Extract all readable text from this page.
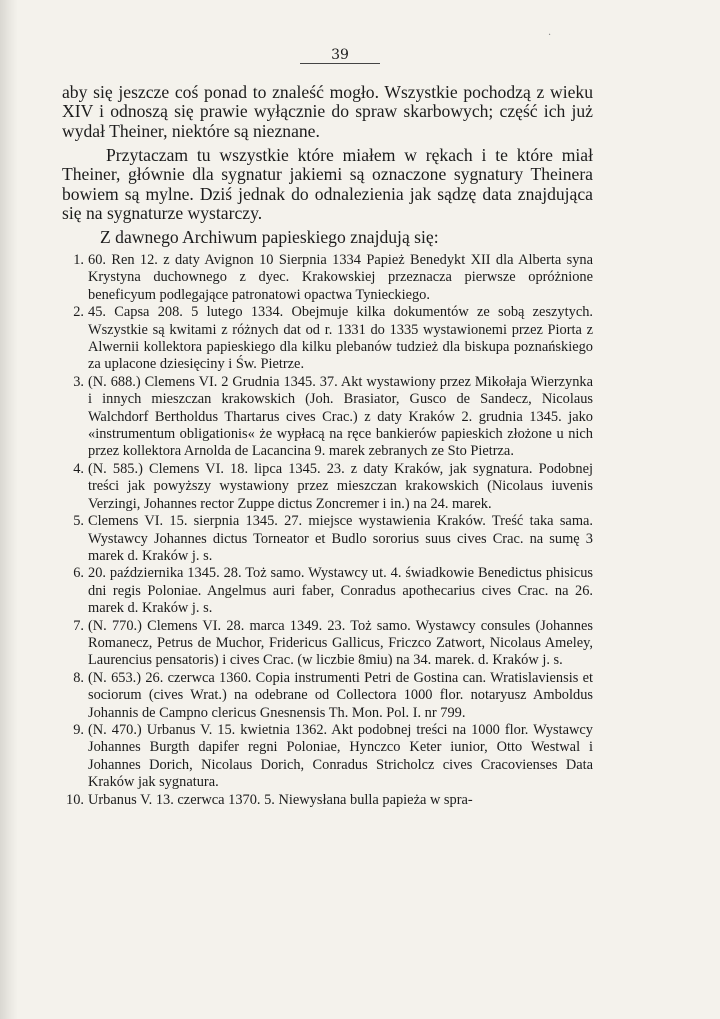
·
39

aby się jeszcze coś ponad to znaleść mogło. Wszystkie pochodzą z wieku XIV i odnoszą się prawie wyłącznie do spraw skarbowych; część ich już wydał Theiner, niektóre są nieznane.

Przytaczam tu wszystkie które miałem w rękach i te które miał Theiner, głównie dla sygnatur jakiemi są oznaczone sygnatury Theinera bowiem są mylne. Dziś jednak do odnalezienia jak sądzę data znajdująca się na sygnaturze wystarczy.

Z dawnego Archiwum papieskiego znajdują się:

1. 60. Ren 12. z daty Avignon 10 Sierpnia 1334 Papież Benedykt XII dla Alberta syna Krystyna duchownego z dyec. Krakowskiej przeznacza pierwsze opróżnione beneficyum podlegające patronatowi opactwa Tynieckiego.
2. 45. Capsa 208. 5 lutego 1334. Obejmuje kilka dokumentów ze sobą zeszytych. Wszystkie są kwitami z różnych dat od r. 1331 do 1335 wystawionemi przez Piorta z Alwernii kollektora papieskiego dla kilku plebanów tudzież dla biskupa poznańskiego za uplacone dziesięciny i Św. Pietrze.
3. (N. 688.) Clemens VI. 2 Grudnia 1345. 37. Akt wystawiony przez Mikołaja Wierzynka i innych mieszczan krakowskich (Joh. Brasiator, Gusco de Sandecz, Nicolaus Walchdorf Bertholdus Thartarus cives Crac.) z daty Kraków 2. grudnia 1345. jako «instrumentum obligationis« że wypłacą na ręce bankierów papieskich złożone u nich przez kollektora Arnolda de Lacancina 9. marek zebranych ze Sto Pietrza.
4. (N. 585.) Clemens VI. 18. lipca 1345. 23. z daty Kraków, jak sygnatura. Podobnej treści jak powyższy wystawiony przez mieszczan krakowskich (Nicolaus iuvenis Verzingi, Johannes rector Zuppe dictus Zoncremer i in.) na 24. marek.
5. Clemens VI. 15. sierpnia 1345. 27. miejsce wystawienia Kraków. Treść taka sama. Wystawcy Johannes dictus Torneator et Budlo sororius suus cives Crac. na sumę 3 marek d. Kraków j. s.
6. 20. października 1345. 28. Toż samo. Wystawcy ut. 4. świadkowie Benedictus phisicus dni regis Poloniae. Angelmus auri faber, Conradus apothecarius cives Crac. na 26. marek d. Kraków j. s.
7. (N. 770.) Clemens VI. 28. marca 1349. 23. Toż samo. Wystawcy consules (Johannes Romanecz, Petrus de Muchor, Fridericus Gallicus, Friczco Zatwort, Nicolaus Ameley, Laurencius pensatoris) i cives Crac. (w liczbie 8miu) na 34. marek. d. Kraków j. s.
8. (N. 653.) 26. czerwca 1360. Copia instrumenti Petri de Gostina can. Wratislaviensis et sociorum (cives Wrat.) na odebrane od Collectora 1000 flor. notaryusz Amboldus Johannis de Campno clericus Gnesnensis Th. Mon. Pol. I. nr 799.
9. (N. 470.) Urbanus V. 15. kwietnia 1362. Akt podobnej treści na 1000 flor. Wystawcy Johannes Burgth dapifer regni Poloniae, Hynczco Keter iunior, Otto Westwal i Johannes Dorich, Nicolaus Dorich, Conradus Stricholcz cives Cracovienses Data Kraków jak sygnatura.
10. Urbanus V. 13. czerwca 1370. 5. Niewysłana bulla papieża w spra-
